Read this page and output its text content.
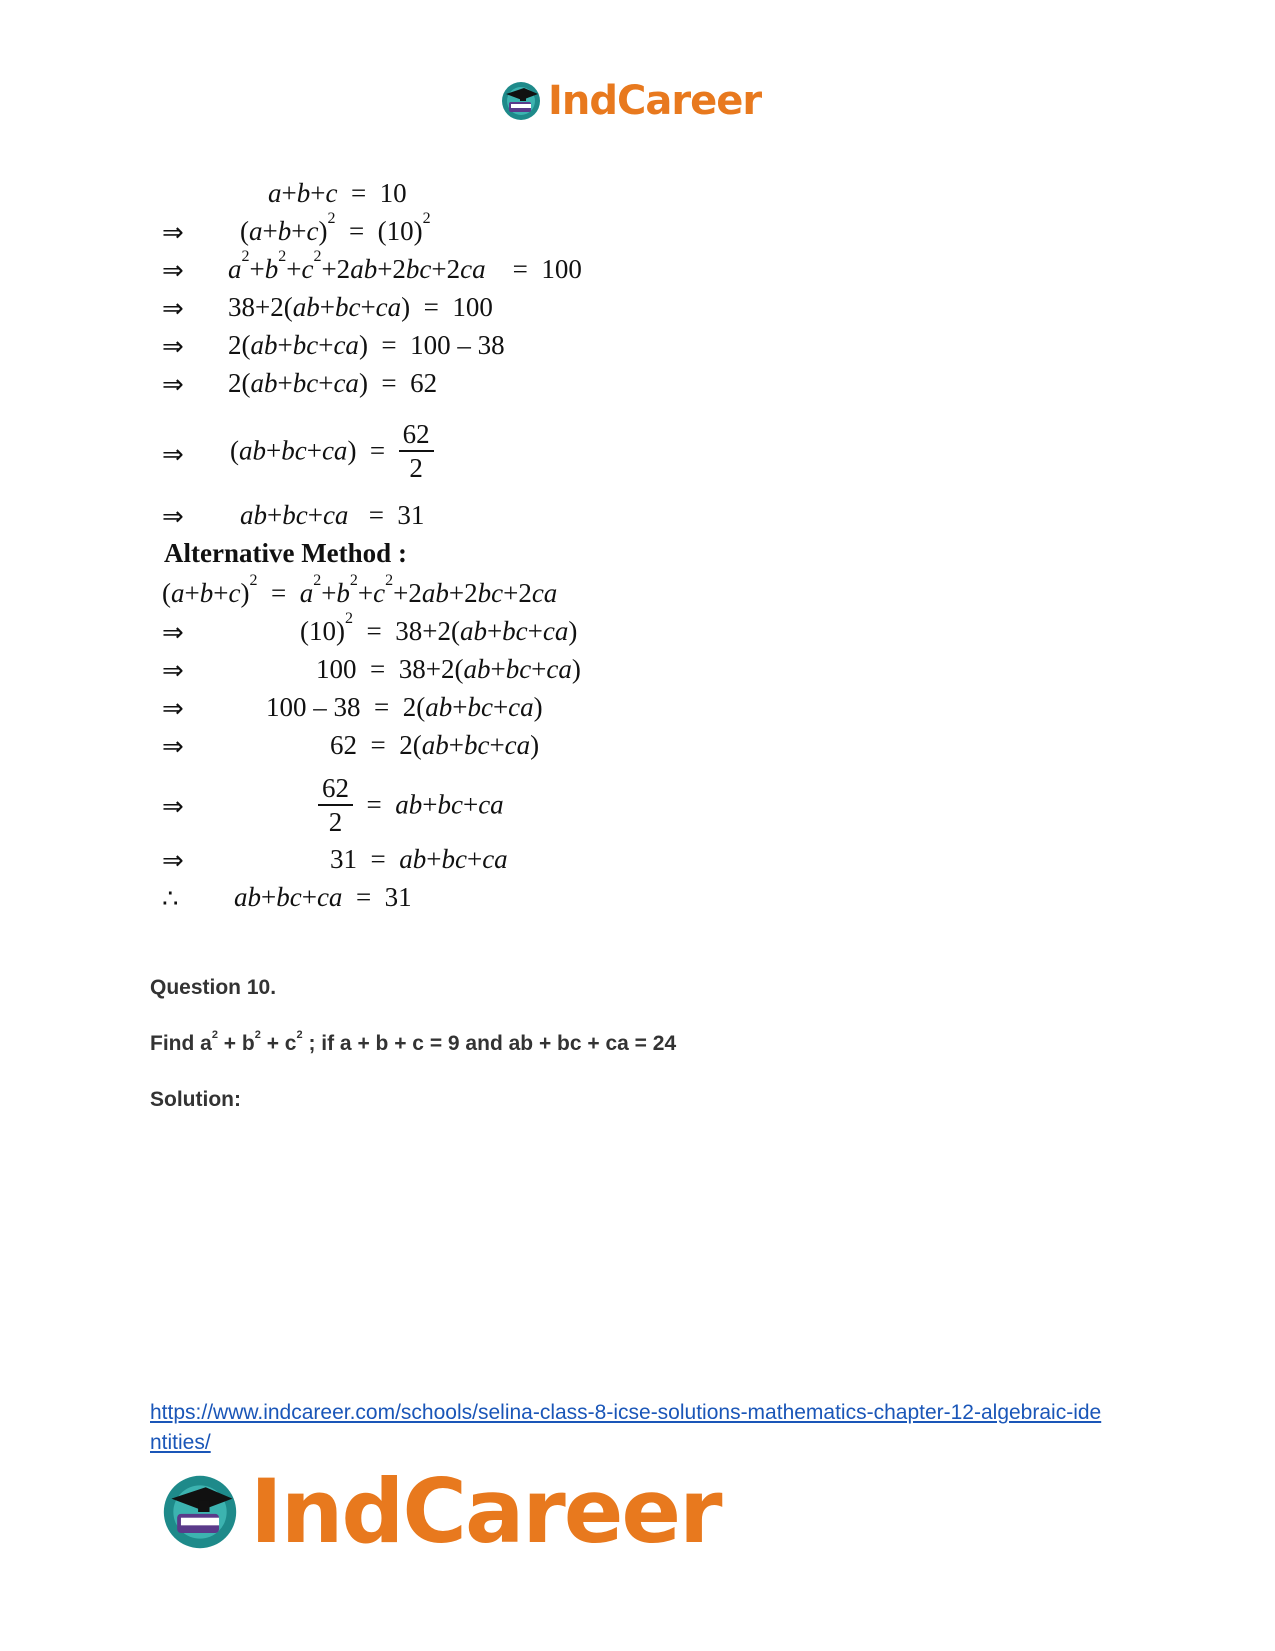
IndCareer
a+b+c  =  10
⇒ $(a+b+c)^2 = (10)^2$
⇒ $a^2+b^2+c^2+2ab+2bc+2ca$    =  100
⇒ 38+2(ab+bc+ca)  =  100
⇒ 2(ab+bc+ca)  =  100 – 38
⇒ 2(ab+bc+ca)  =  62
⇒ $(ab+bc+ca) = \frac{62}{2}$
⇒ ab+bc+ca   =  31
Alternative Method :
$(a+b+c)^2 = a^2+b^2+c^2+2ab+2bc+2ca$
⇒	$(10)^2 = 38+2(ab+bc+ca)$
⇒	100  =  38+2(ab+bc+ca)
⇒	100 – 38  =  2(ab+bc+ca)
⇒	62  =  2(ab+bc+ca)
⇒	$\frac{62}{2} = ab+bc+ca$
⇒	31  =  ab+bc+ca
∴ ab+bc+ca  =  31
Question 10.
Find $a^2 + b^2 + c^2$ ; if a + b + c = 9 and ab + bc + ca = 24
Solution:
https://www.indcareer.com/schools/selina-class-8-icse-solutions-mathematics-chapter-12-algebraic-identities/
IndCareer
